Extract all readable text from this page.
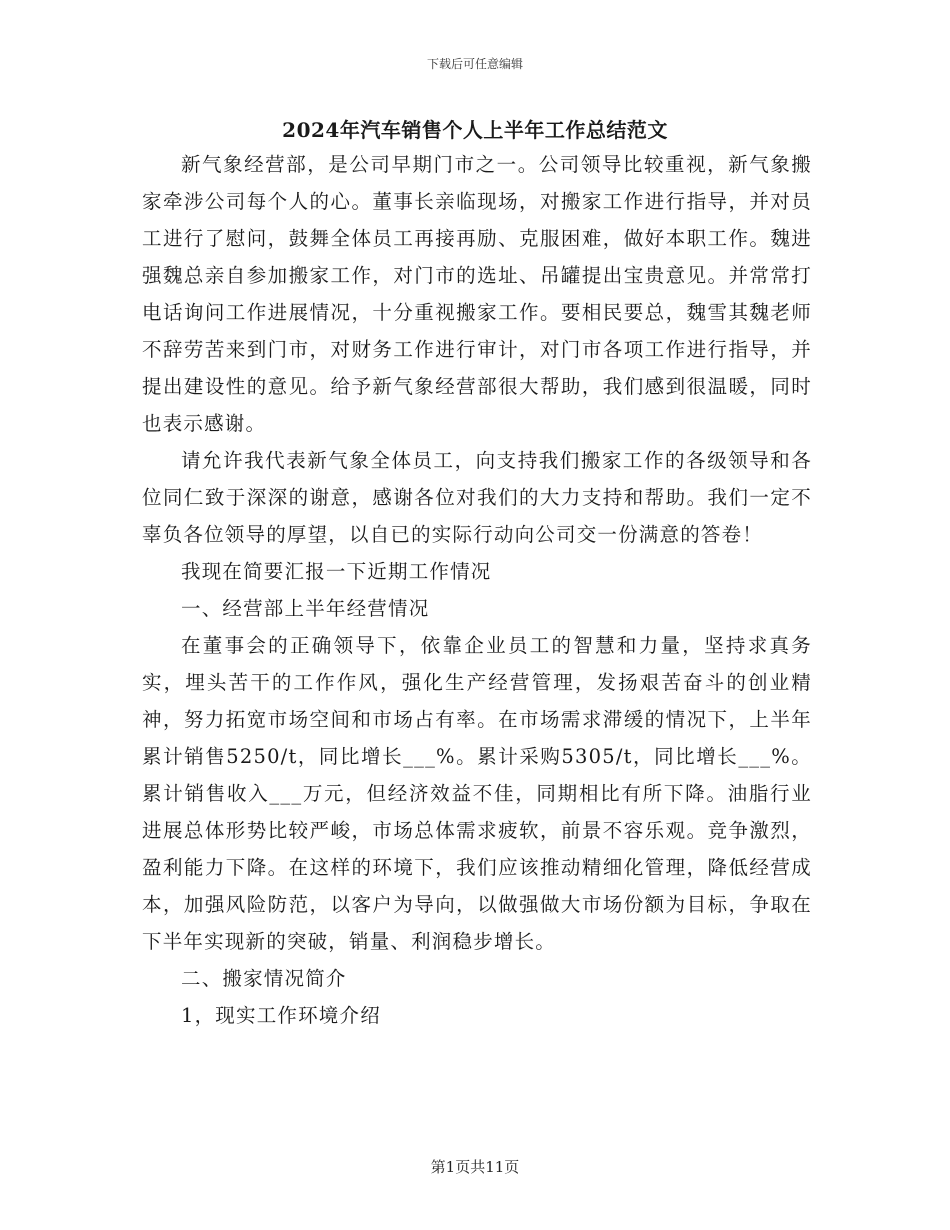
下载后可任意编辑
2024年汽车销售个人上半年工作总结范文

新气象经营部，是公司早期门市之一。公司领导比较重视，新气象搬家牵涉公司每个人的心。董事长亲临现场，对搬家工作进行指导，并对员工进行了慰问，鼓舞全体员工再接再励、克服困难，做好本职工作。魏进强魏总亲自参加搬家工作，对门市的选址、吊罐提出宝贵意见。并常常打电话询问工作进展情况，十分重视搬家工作。要相民要总，魏雪其魏老师不辞劳苦来到门市，对财务工作进行审计，对门市各项工作进行指导，并提出建设性的意见。给予新气象经营部很大帮助，我们感到很温暖，同时也表示感谢。

请允许我代表新气象全体员工，向支持我们搬家工作的各级领导和各位同仁致于深深的谢意，感谢各位对我们的大力支持和帮助。我们一定不辜负各位领导的厚望，以自已的实际行动向公司交一份满意的答卷！

我现在简要汇报一下近期工作情况

一、经营部上半年经营情况

在董事会的正确领导下，依靠企业员工的智慧和力量，坚持求真务实，埋头苦干的工作作风，强化生产经营管理，发扬艰苦奋斗的创业精神，努力拓宽市场空间和市场占有率。在市场需求滞缓的情况下，上半年累计销售5250/t，同比增长___%。累计采购5305/t，同比增长___%。累计销售收入___万元，但经济效益不佳，同期相比有所下降。油脂行业进展总体形势比较严峻，市场总体需求疲软，前景不容乐观。竞争激烈，盈利能力下降。在这样的环境下，我们应该推动精细化管理，降低经营成本，加强风险防范，以客户为导向，以做强做大市场份额为目标，争取在下半年实现新的突破，销量、利润稳步增长。

二、搬家情况简介

1，现实工作环境介绍

第1页共11页
